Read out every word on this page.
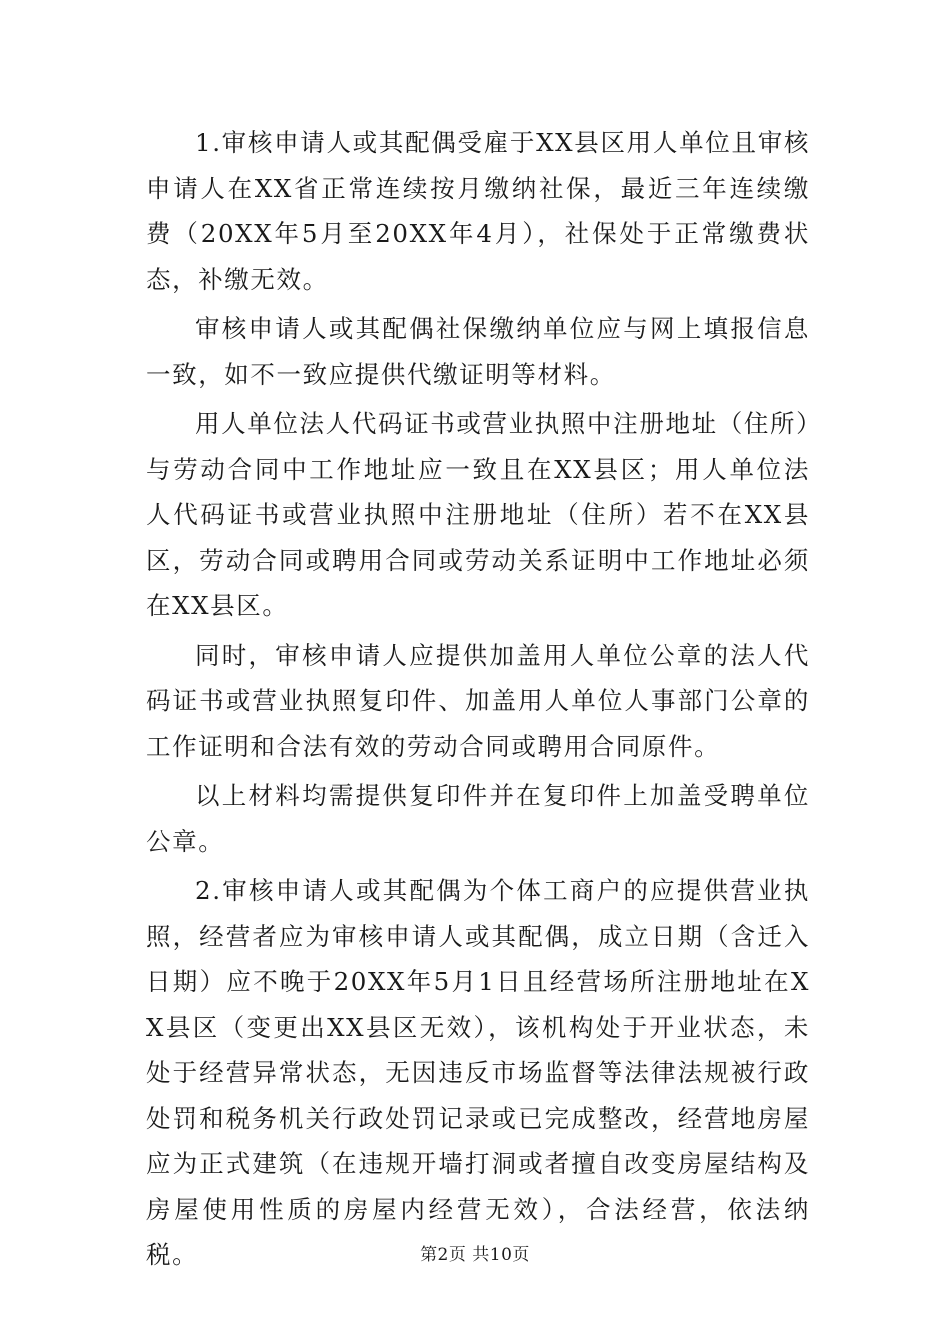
1.审核申请人或其配偶受雇于XX县区用人单位且审核申请人在XX省正常连续按月缴纳社保，最近三年连续缴费（20XX年5月至20XX年4月），社保处于正常缴费状态，补缴无效。

审核申请人或其配偶社保缴纳单位应与网上填报信息一致，如不一致应提供代缴证明等材料。

用人单位法人代码证书或营业执照中注册地址（住所）与劳动合同中工作地址应一致且在XX县区；用人单位法人代码证书或营业执照中注册地址（住所）若不在XX县区，劳动合同或聘用合同或劳动关系证明中工作地址必须在XX县区。

同时，审核申请人应提供加盖用人单位公章的法人代码证书或营业执照复印件、加盖用人单位人事部门公章的工作证明和合法有效的劳动合同或聘用合同原件。

以上材料均需提供复印件并在复印件上加盖受聘单位公章。

2.审核申请人或其配偶为个体工商户的应提供营业执照，经营者应为审核申请人或其配偶，成立日期（含迁入日期）应不晚于20XX年5月1日且经营场所注册地址在XX县区（变更出XX县区无效），该机构处于开业状态，未处于经营异常状态，无因违反市场监督等法律法规被行政处罚和税务机关行政处罚记录或已完成整改，经营地房屋应为正式建筑（在违规开墙打洞或者擅自改变房屋结构及房屋使用性质的房屋内经营无效），合法经营，依法纳税。	第2页 共10页
